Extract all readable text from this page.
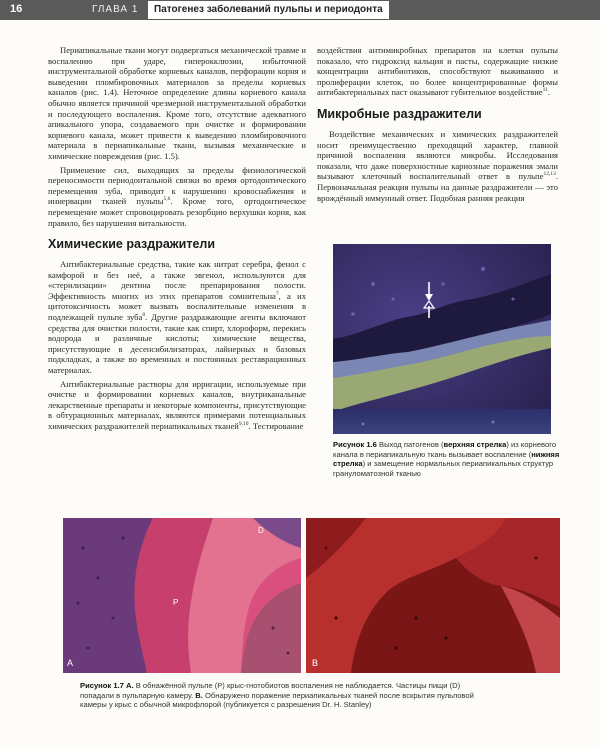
16	ГЛАВА 1	Патогенез заболеваний пульпы и периодонта

Периапикальные ткани могут подвергаться механической травме и воспалению при ударе, гиперокклюзии, избыточной инструментальной обработке корневых каналов, перфорации корня и выведении пломбировочных материалов за пределы корневых каналов (рис. 1.4). Неточное определение длины корневого канала обычно является причиной чрезмерной инструментальной обработки и последующего воспаления. Кроме того, отсутствие адекватного апикального упора, создаваемого при очистке и формировании корневого канала, может привести к выведению пломбировочного материала в периапикальные ткани, вызывая механические и химические повреждения (рис. 1.5).

Применение сил, выходящих за пределы физиологической переносимости периодонтальной связки во время ортодонтического перемещения зуба, приводит к нарушению кровоснабжения и иннервации тканей пульпы$^{5,6}$. Кроме того, ортодонтическое перемещение может спровоцировать резорбцию верхушки корня, как правило, без нарушения витальности.

Химические раздражители

Антибактериальные средства, такие как нитрат серебра, фенол с камфорой и без неё, а также эвгенол, используются для «стерилизации» дентина после препарирования полости. Эффективность многих из этих препаратов сомнительна$^7$, а их цитотоксичность может вызвать воспалительные изменения в подлежащей пульпе зуба$^8$. Другие раздражающие агенты включают средства для очистки полости, такие как спирт, хлороформ, перекись водорода и различные кислоты; химические вещества, присутствующие в десенсибилизаторах, лайнерных и базовых подкладках, а также во временных и постоянных реставрационных материалах.

Антибактериальные растворы для ирригации, используемые при очистке и формировании корневых каналов, внутриканальные лекарственные препараты и некоторые компоненты, присутствующие в обтурационных материалах, являются примерами потенциальных химических раздражителей периапикальных тканей$^{9,10}$. Тестирование

воздействия антимикробных препаратов на клетки пульпы показало, что гидроксид кальция и пасты, содержащие низкие концентрации антибиотиков, способствуют выживанию и пролиферации клеток, но более концентрированные формы антибактериальных паст оказывают губительное воздействие$^{11}$.

Микробные раздражители

Воздействие механических и химических раздражителей носит преимущественно преходящий характер, главной причиной воспаления являются микробы. Исследования показали, что даже поверхностные кариозные поражения эмали вызывают клеточный воспалительный ответ в пульпе$^{12,13}$. Первоначальная реакция пульпы на данные раздражители — это врождённый иммунный ответ. Подобная ранняя реакция

Рисунок 1.6 Выход патогенов (верхняя стрелка) из корневого канала в периапикальную ткань вызывает воспаление (нижняя стрелка) и замещение нормальных периапикальных структур грануломатозной тканью
A
D
P
B
Рисунок 1.7 A. В обнажённой пульпе (P) крыс-гнотобиотов воспаления не наблюдается. Частицы пищи (D) попадали в пульпарную камеру. B. Обнаружено поражение периапикальных тканей после вскрытия пульповой камеры у крыс с обычной микрофлорой (публикуется с разрешения Dr. H. Stanley)
